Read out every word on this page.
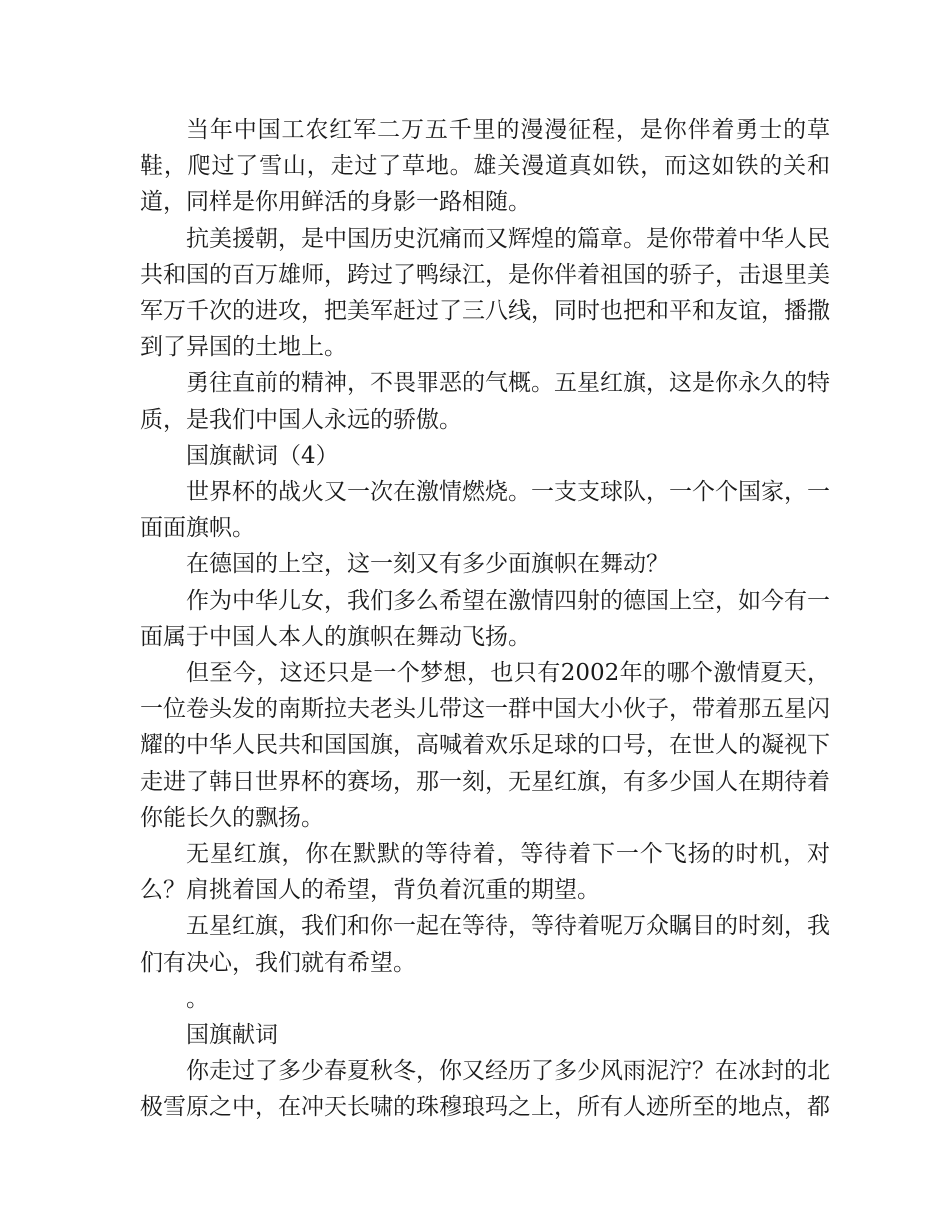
当年中国工农红军二万五千里的漫漫征程，是你伴着勇士的草鞋，爬过了雪山，走过了草地。雄关漫道真如铁，而这如铁的关和道，同样是你用鲜活的身影一路相随。

抗美援朝，是中国历史沉痛而又辉煌的篇章。是你带着中华人民共和国的百万雄师，跨过了鸭绿江，是你伴着祖国的骄子，击退里美军万千次的进攻，把美军赶过了三八线，同时也把和平和友谊，播撒到了异国的土地上。

勇往直前的精神，不畏罪恶的气概。五星红旗，这是你永久的特质，是我们中国人永远的骄傲。

国旗献词（4）

世界杯的战火又一次在激情燃烧。一支支球队，一个个国家，一面面旗帜。

在德国的上空，这一刻又有多少面旗帜在舞动？

作为中华儿女，我们多么希望在激情四射的德国上空，如今有一面属于中国人本人的旗帜在舞动飞扬。

但至今，这还只是一个梦想，也只有2002年的哪个激情夏天，一位卷头发的南斯拉夫老头儿带这一群中国大小伙子，带着那五星闪耀的中华人民共和国国旗，高喊着欢乐足球的口号，在世人的凝视下走进了韩日世界杯的赛场，那一刻，无星红旗，有多少国人在期待着你能长久的飘扬。

无星红旗，你在默默的等待着，等待着下一个飞扬的时机，对么？肩挑着国人的希望，背负着沉重的期望。

五星红旗，我们和你一起在等待，等待着呢万众瞩目的时刻，我们有决心，我们就有希望。

。

国旗献词

你走过了多少春夏秋冬，你又经历了多少风雨泥泞？在冰封的北极雪原之中，在冲天长啸的珠穆琅玛之上，所有人迹所至的地点，都
